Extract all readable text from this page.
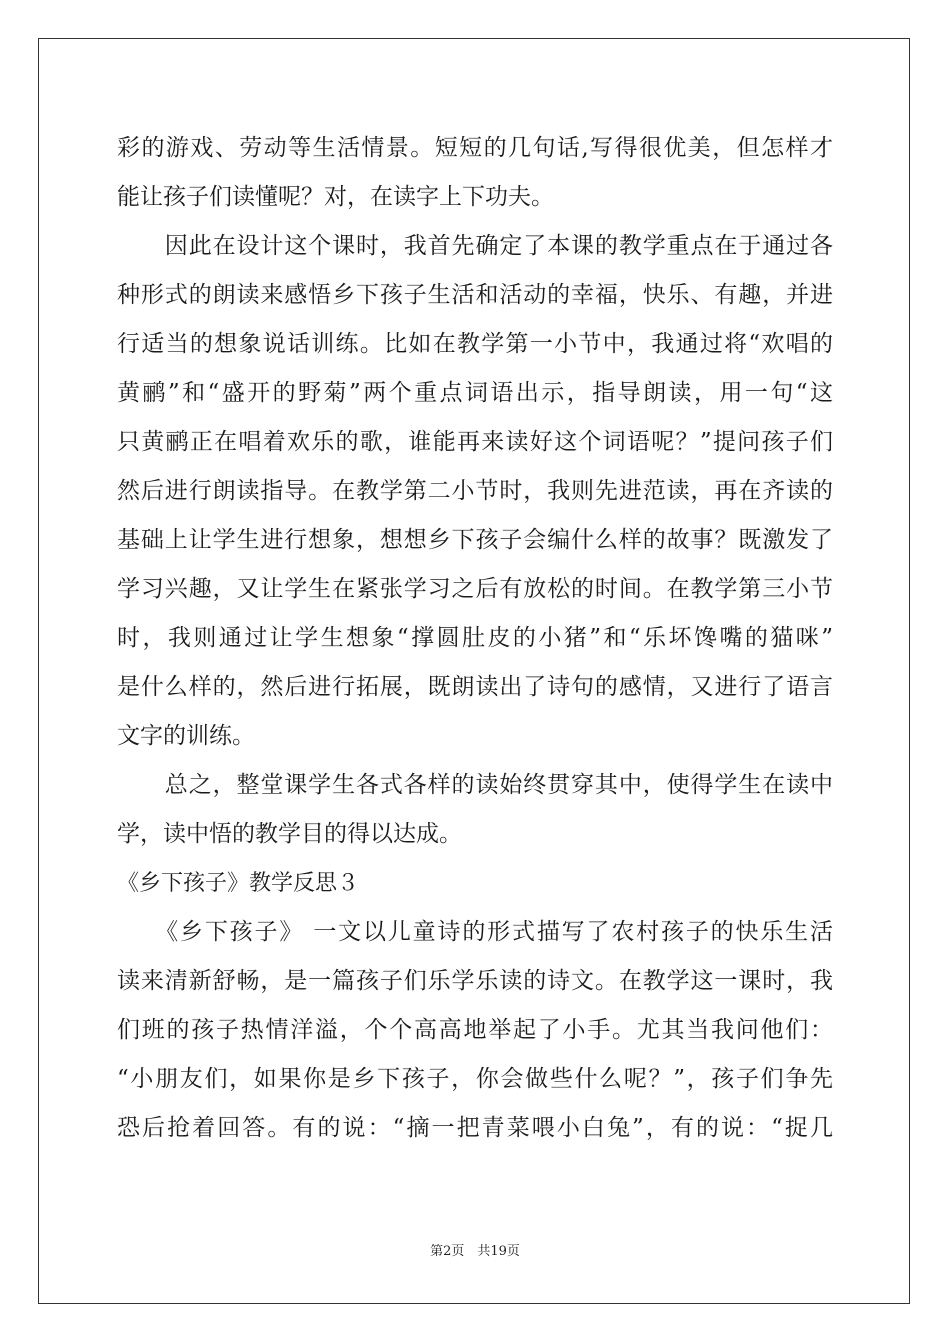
彩的游戏、劳动等生活情景。短短的几句话,写得很优美，但怎样才
能让孩子们读懂呢？对，在读字上下功夫。
　　因此在设计这个课时，我首先确定了本课的教学重点在于通过各
种形式的朗读来感悟乡下孩子生活和活动的幸福，快乐、有趣，并进
行适当的想象说话训练。比如在教学第一小节中，我通过将“欢唱的
黄鹂”和“盛开的野菊”两个重点词语出示，指导朗读，用一句“这
只黄鹂正在唱着欢乐的歌，谁能再来读好这个词语呢？”提问孩子们
然后进行朗读指导。在教学第二小节时，我则先进范读，再在齐读的
基础上让学生进行想象，想想乡下孩子会编什么样的故事？既激发了
学习兴趣，又让学生在紧张学习之后有放松的时间。在教学第三小节
时，我则通过让学生想象“撑圆肚皮的小猪”和“乐坏馋嘴的猫咪”
是什么样的，然后进行拓展，既朗读出了诗句的感情，又进行了语言
文字的训练。
　　总之，整堂课学生各式各样的读始终贯穿其中，使得学生在读中
学，读中悟的教学目的得以达成。
《乡下孩子》教学反思３
　　《乡下孩子》 一文以儿童诗的形式描写了农村孩子的快乐生活
读来清新舒畅，是一篇孩子们乐学乐读的诗文。在教学这一课时，我
们班的孩子热情洋溢，个个高高地举起了小手。尤其当我问他们：
“小朋友们，如果你是乡下孩子，你会做些什么呢？”，孩子们争先
恐后抢着回答。有的说：“摘一把青菜喂小白兔”，有的说：“捉几
第2页　共19页
